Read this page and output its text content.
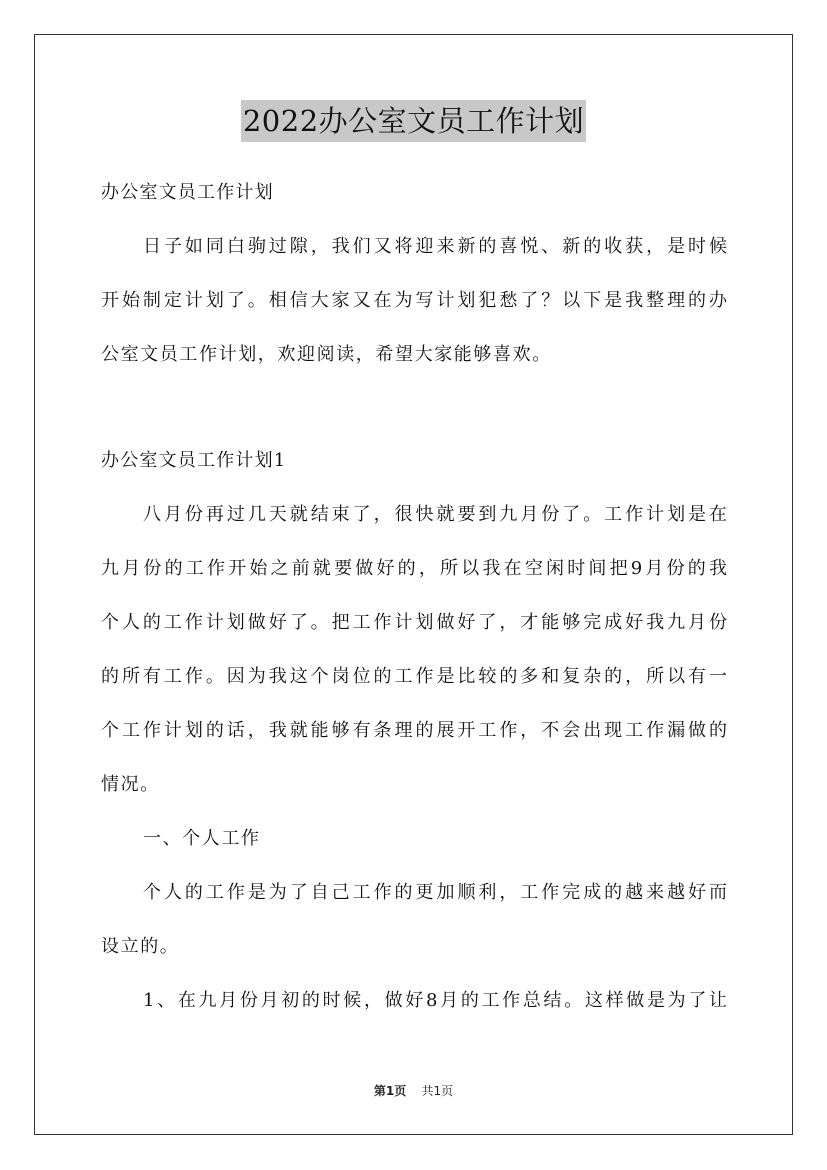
2022办公室文员工作计划
办公室文员工作计划
日子如同白驹过隙，我们又将迎来新的喜悦、新的收获，是时候
开始制定计划了。相信大家又在为写计划犯愁了？以下是我整理的办
公室文员工作计划，欢迎阅读，希望大家能够喜欢。
办公室文员工作计划1
八月份再过几天就结束了，很快就要到九月份了。工作计划是在
九月份的工作开始之前就要做好的，所以我在空闲时间把9月份的我
个人的工作计划做好了。把工作计划做好了，才能够完成好我九月份
的所有工作。因为我这个岗位的工作是比较的多和复杂的，所以有一
个工作计划的话，我就能够有条理的展开工作，不会出现工作漏做的
情况。
一、个人工作
个人的工作是为了自己工作的更加顺利，工作完成的越来越好而
设立的。
1、在九月份月初的时候，做好8月的工作总结。这样做是为了让
第1页 共1页
